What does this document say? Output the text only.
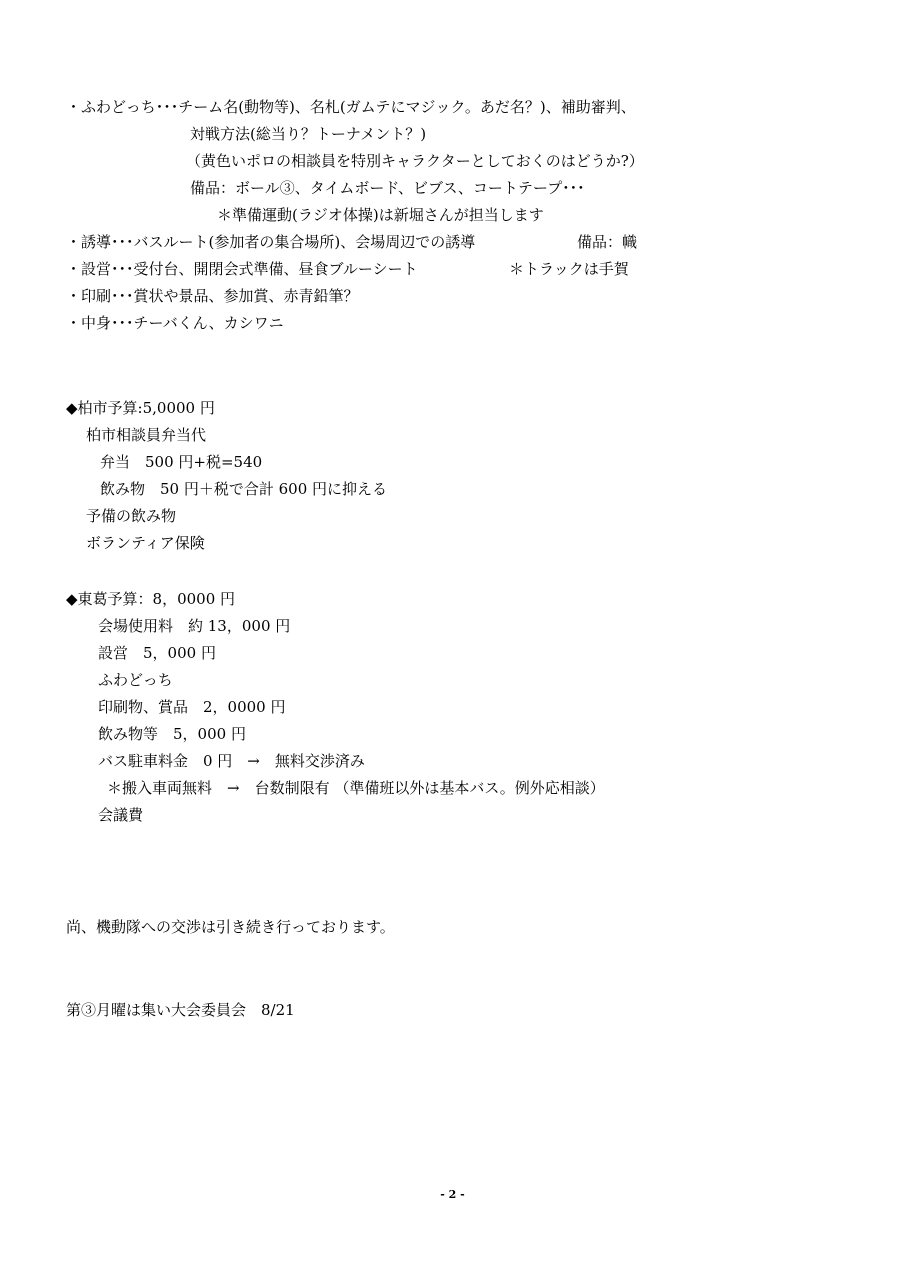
・ふわどっち･･･チーム名(動物等)、名札(ガムテにマジック。あだ名？)、補助審判、
対戦方法(総当り？トーナメント？)
（黄色いポロの相談員を特別キャラクターとしておくのはどうか?）
備品：ボール③、タイムボード、ビブス、コートテープ･･･
＊準備運動(ラジオ体操)は新堀さんが担当します
・誘導･･･バスルート(参加者の集合場所)、会場周辺での誘導	備品：幟
・設営･･･受付台、開閉会式準備、昼食ブルーシート	＊トラックは手賀
・印刷･･･賞状や景品、参加賞、赤青鉛筆？
・中身･･･チーバくん、カシワニ
◆柏市予算:5,0000 円
柏市相談員弁当代
弁当　500 円+税=540
飲み物　50 円＋税で合計 600 円に抑える
予備の飲み物
ボランティア保険
◆東葛予算：8，0000 円
会場使用料　約 13，000 円
設営　5，000 円
ふわどっち
印刷物、賞品　2，0000 円
飲み物等　5，000 円
バス駐車料金　0 円　→　無料交渉済み
＊搬入車両無料　→　台数制限有 （準備班以外は基本バス。例外応相談）
会議費
尚、機動隊への交渉は引き続き行っております。
第③月曜は集い大会委員会　8/21
- 2 -
